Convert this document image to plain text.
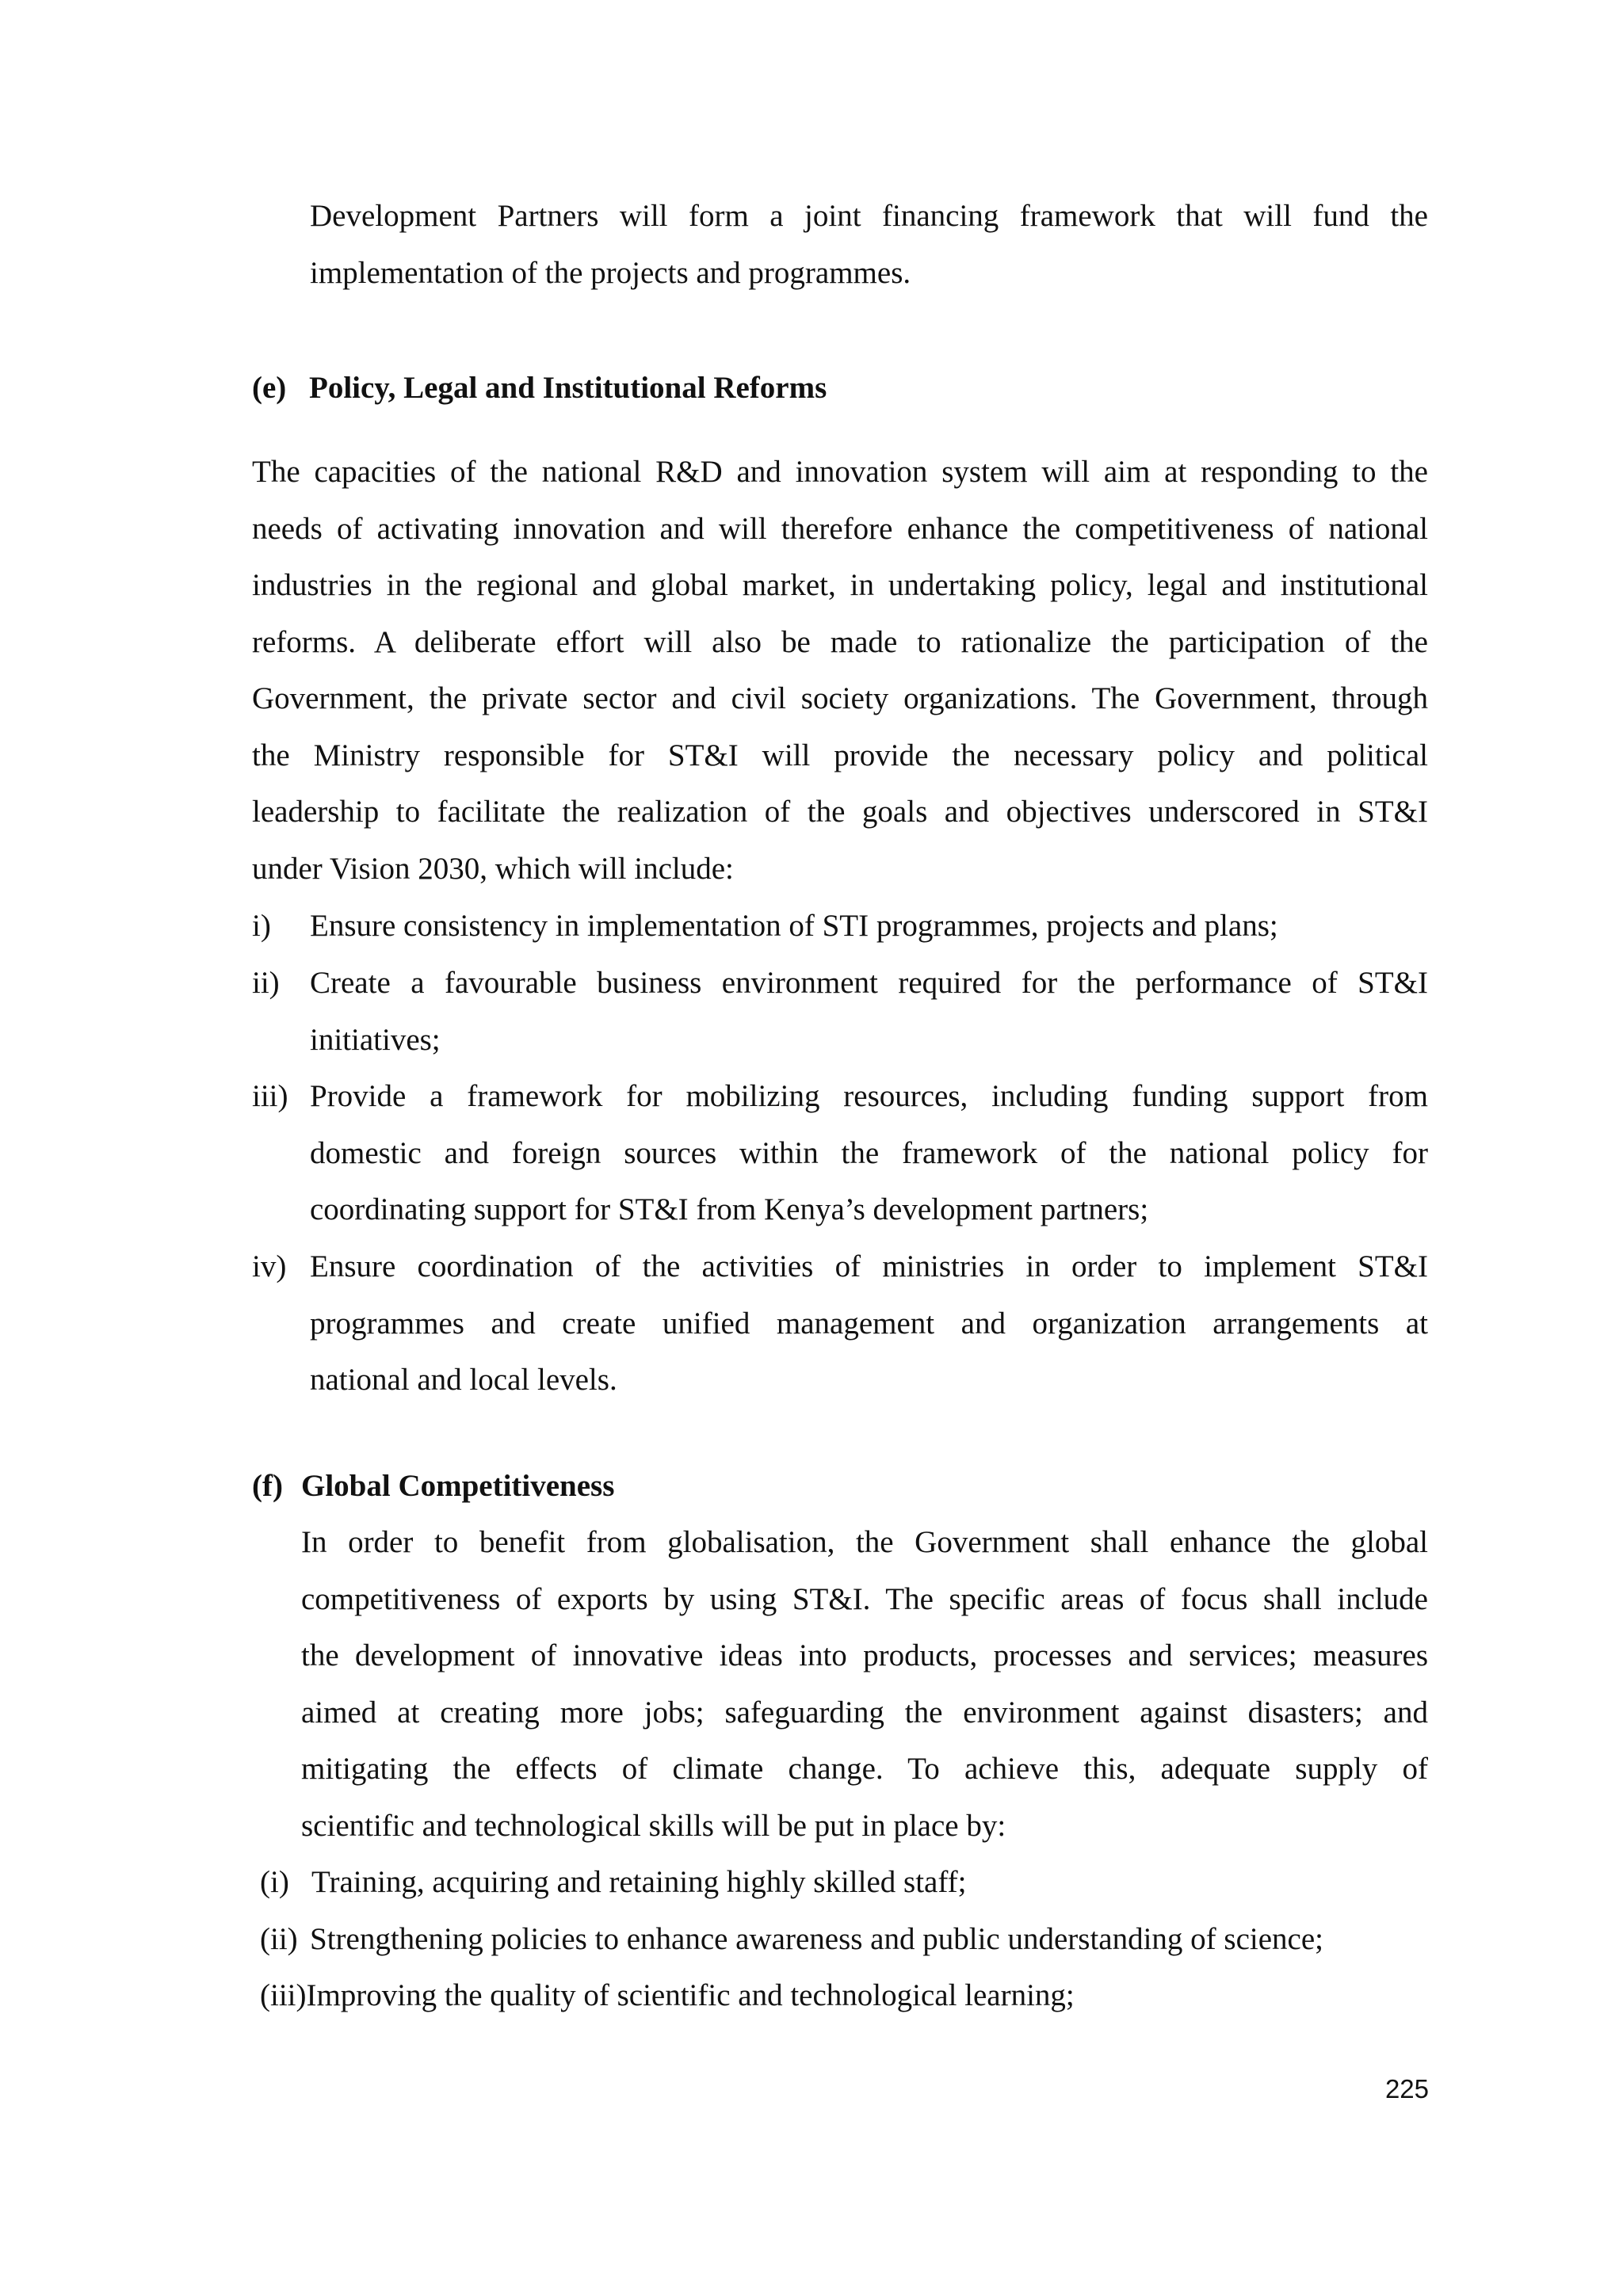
Development Partners will form a joint financing framework that will fund the
implementation of the projects and programmes.
(e) Policy, Legal and Institutional Reforms
The capacities of the national R&D and innovation system will aim at responding to the
needs of activating innovation and will therefore enhance the competitiveness of national
industries in the regional and global market, in undertaking policy, legal and institutional
reforms. A deliberate effort will also be made to rationalize the participation of the
Government, the private sector and civil society organizations. The Government, through
the Ministry responsible for ST&I will provide the necessary policy and political
leadership to facilitate the realization of the goals and objectives underscored in ST&I
under Vision 2030, which will include:
i) Ensure consistency in implementation of STI programmes, projects and plans;
ii) Create a favourable business environment required for the performance of ST&I
initiatives;
iii) Provide a framework for mobilizing resources, including funding support from
domestic and foreign sources within the framework of the national policy for
coordinating support for ST&I from Kenya’s development partners;
iv) Ensure coordination of the activities of ministries in order to implement ST&I
programmes and create unified management and organization arrangements at
national and local levels.
(f) Global Competitiveness
In order to benefit from globalisation, the Government shall enhance the global
competitiveness of exports by using ST&I. The specific areas of focus shall include
the development of innovative ideas into products, processes and services; measures
aimed at creating more jobs; safeguarding the environment against disasters; and
mitigating the effects of climate change. To achieve this, adequate supply of
scientific and technological skills will be put in place by:
(i) Training, acquiring and retaining highly skilled staff;
(ii) Strengthening policies to enhance awareness and public understanding of science;
(iii)Improving the quality of scientific and technological learning;
225
